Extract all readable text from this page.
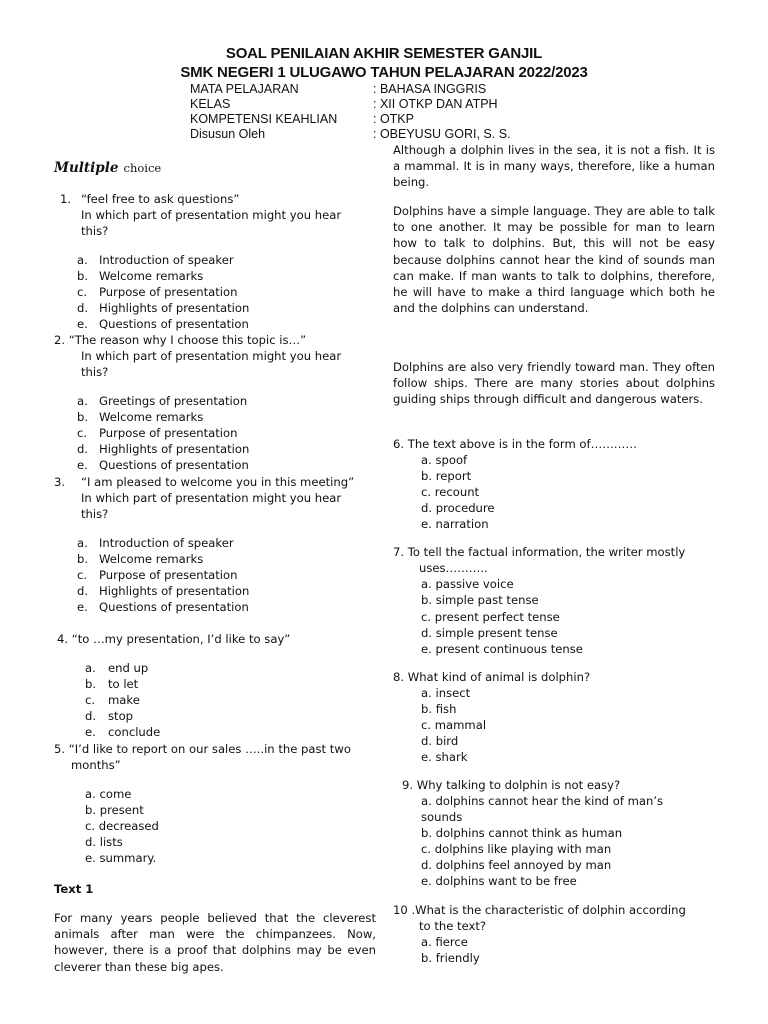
SOAL PENILAIAN AKHIR SEMESTER GANJIL
SMK NEGERI 1 ULUGAWO TAHUN PELAJARAN 2022/2023
MATA PELAJARAN	: BAHASA INGGRIS
KELAS	: XII OTKP DAN ATPH
KOMPETENSI KEAHLIAN	: OTKP
Disusun Oleh	: OBEYUSU GORI, S. S.
Multiple choice
1. “feel free to ask questions”
In which part of presentation might you hear
this?
a. Introduction of speaker
b. Welcome remarks
c. Purpose of presentation
d. Highlights of presentation
e. Questions of presentation
2. “The reason why I choose this topic is…”
In which part of presentation might you hear
this?
a. Greetings of presentation
b. Welcome remarks
c. Purpose of presentation
d. Highlights of presentation
e. Questions of presentation
3. “I am pleased to welcome you in this meeting”
In which part of presentation might you hear
this?
a. Introduction of speaker
b. Welcome remarks
c. Purpose of presentation
d. Highlights of presentation
e. Questions of presentation
4. “to …my presentation, I’d like to say”
a. end up
b. to let
c. make
d. stop
e. conclude
5. “I’d like to report on our sales …..in the past two
months”
a. come
b. present
c. decreased
d. lists
e. summary.
Text 1
For many years people believed that the cleverest animals after man were the chimpanzees. Now, however, there is a proof that dolphins may be even cleverer than these big apes.
Although a dolphin lives in the sea, it is not a fish. It is a mammal. It is in many ways, therefore, like a human being.
Dolphins have a simple language. They are able to talk to one another. It may be possible for man to learn how to talk to dolphins. But, this will not be easy because dolphins cannot hear the kind of sounds man can make. If man wants to talk to dolphins, therefore, he will have to make a third language which both he and the dolphins can understand.
Dolphins are also very friendly toward man. They often follow ships. There are many stories about dolphins guiding ships through difficult and dangerous waters.
6. The text above is in the form of…………
a. spoof
b. report
c. recount
d. procedure
e. narration
7. To tell the factual information, the writer mostly
uses………..
a. passive voice
b. simple past tense
c. present perfect tense
d. simple present tense
e. present continuous tense
8. What kind of animal is dolphin?
a. insect
b. fish
c. mammal
d. bird
e. shark
9. Why talking to dolphin is not easy?
a. dolphins cannot hear the kind of man’s
sounds
b. dolphins cannot think as human
c. dolphins like playing with man
d. dolphins feel annoyed by man
e. dolphins want to be free
10 .What is the characteristic of dolphin according
to the text?
a. fierce
b. friendly
